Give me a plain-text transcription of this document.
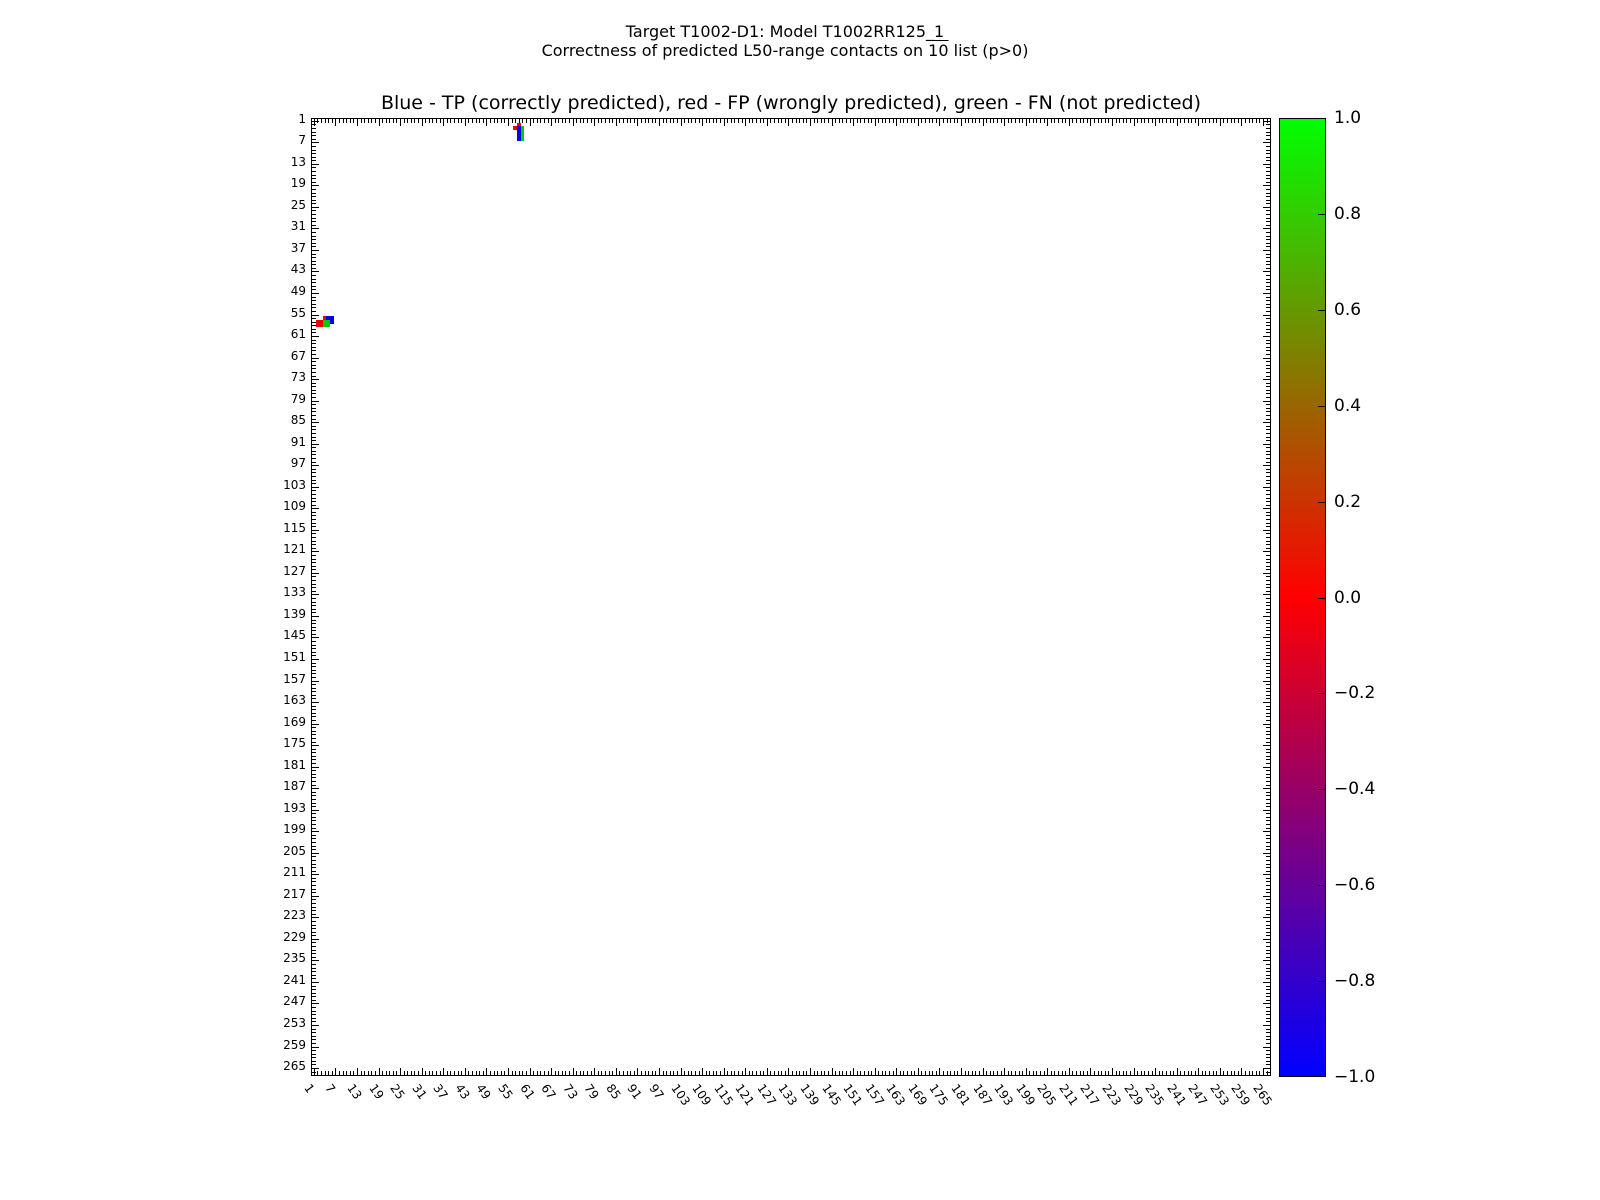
Target T1002-D1: Model T1002RR125_1
Correctness of predicted L50-range contacts on 10 list (p>0)
Blue - TP (correctly predicted), red - FP (wrongly predicted), green - FN (not predicted)
1
7
13
19
25
31
37
43
49
55
61
67
73
79
85
91
97
103
109
115
121
127
133
139
145
151
157
163
169
175
181
187
193
199
205
211
217
223
229
235
241
247
253
259
265
1 7 13 19 25 31 37 43 49 55 61 67 73 79 85 91 97 103
109
115
121
127
133
139
145
151
157
163
169
175
181
187
193
199
205
211
217
223
229
235
241
247
253
259
265
1.0
0.8
0.6
0.4
0.2
0.0
−0.2
−0.4
−0.6
−0.8
−1.0
